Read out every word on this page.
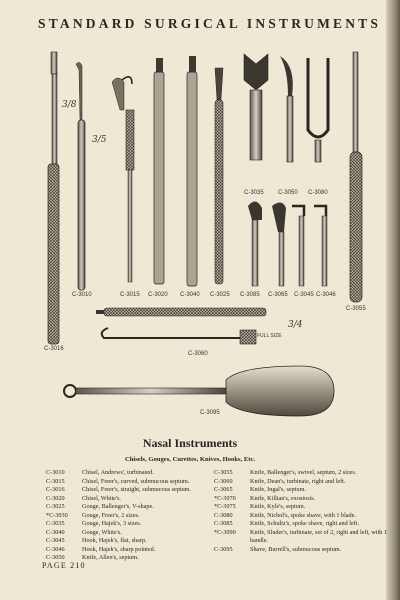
STANDARD SURGICAL INSTRUMENTS
3/8
3/5
3/4
FULL SIZE
C-3016
C-3010	C-3015 C-3020 C-3040 C-3025
C-3035 C-3050 C-3080
C-3085 C-3065 C-3045 C-3046
C-3055
C-3060
C-3095
Nasal Instruments
Chisels, Gouges, Curettes, Knives, Hooks, Etc.
C-3010	Chisel, Andrews', turbinated.
C-3015	Chisel, Freer's, curved, submucous septum.
C-3016	Chisel, Freer's, straight, submucous septum.
C-3020	Chisel, White's.
C-3025	Gouge, Ballenger's, V-shape.
*C-3030	Gouge, Freer's, 2 sizes.
C-3035	Gouge, Hajek's, 3 sizes.
C-3040	Gouge, White's.
C-3045	Hook, Hajek's, flat, sharp.
C-3046	Hook, Hajek's, sharp pointed.
C-3050	Knife, Allen's, septum.
C-3055	Knife, Ballenger's, swivel, septum, 2 sizes.
C-3060	Knife, Dean's, turbinate, right and left.
C-3065	Knife, Ingal's, septum.
*C-3070	Knife, Killian's, exostosis.
*C-3075	Knife, Kyle's, septum.
C-3080	Knife, Nichol's, spoke shave, with 1 blade.
C-3085	Knife, Schultz's, spoke shave, right and left.
*C-3090	Knife, Sluder's, turbinate, set of 2, right and left, with 1 handle.
C-3095	Shave, Burrell's, submucous septum.
PAGE 210
